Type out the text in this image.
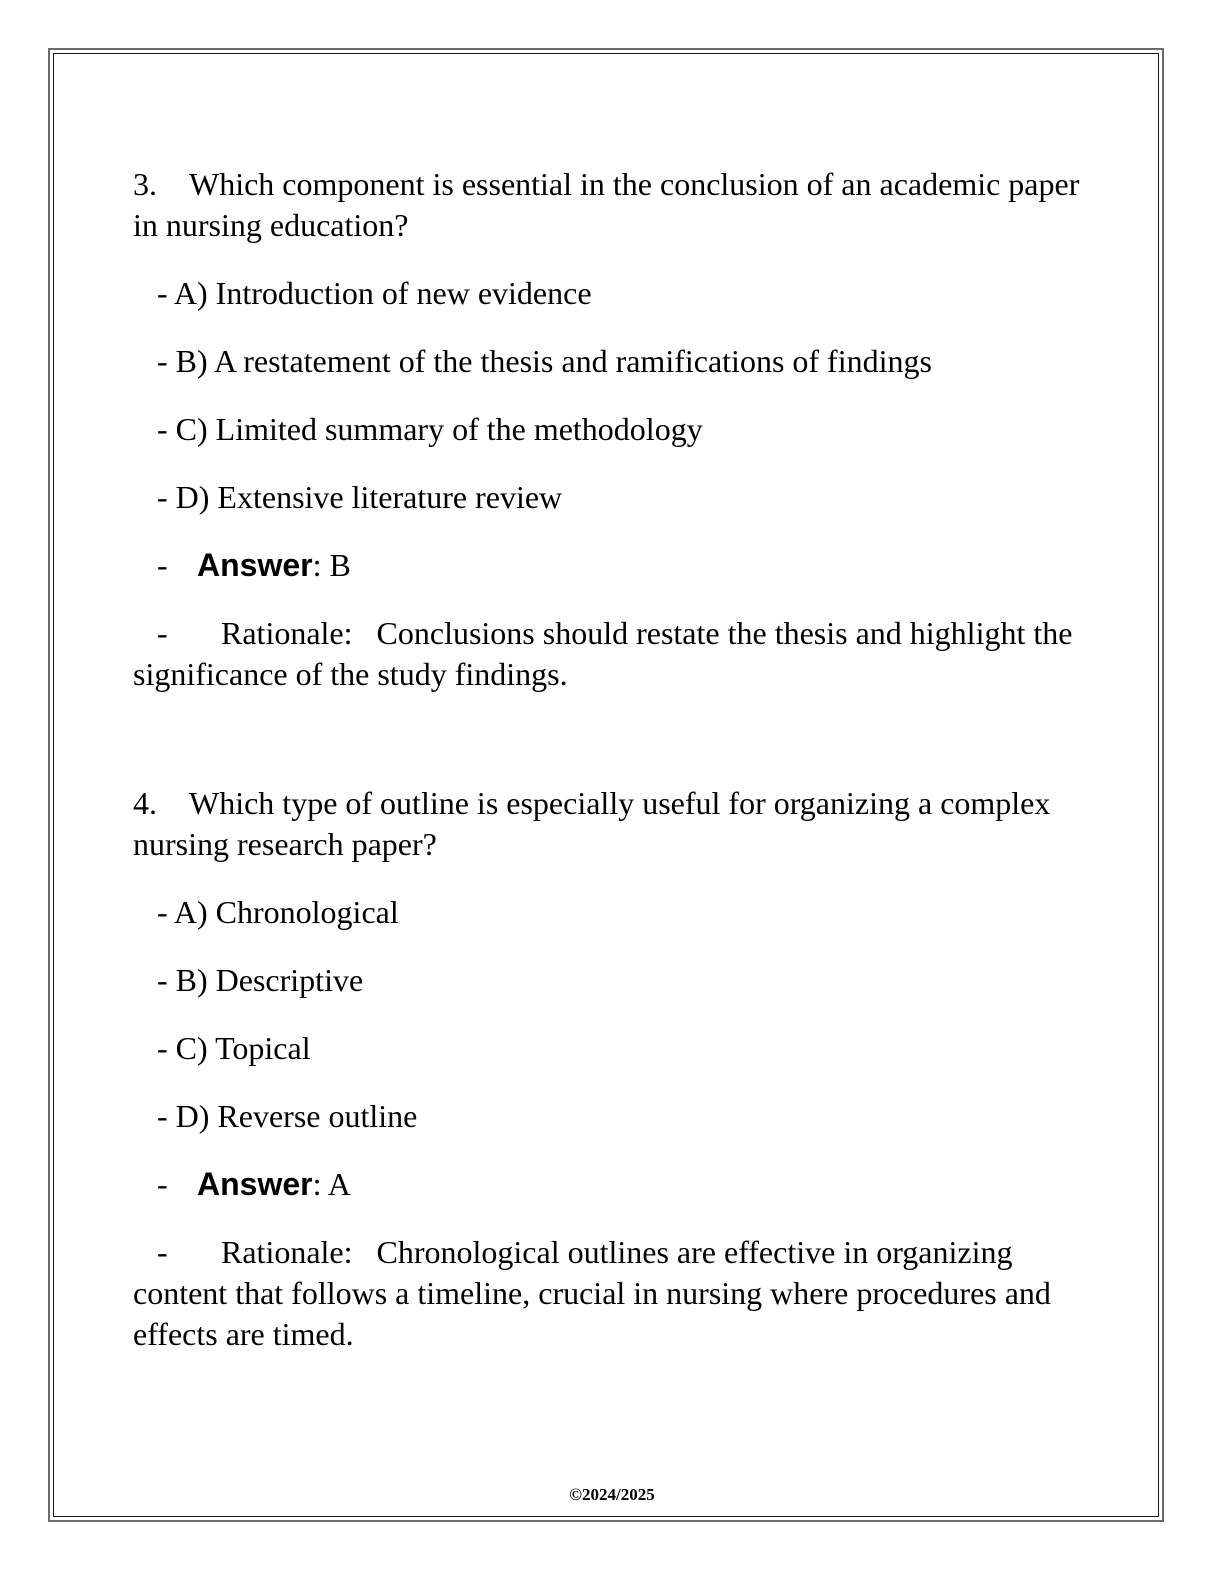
3. Which component is essential in the conclusion of an academic paper in nursing education?

- A) Introduction of new evidence
- B) A restatement of the thesis and ramifications of findings
- C) Limited summary of the methodology
- D) Extensive literature review
- Answer: B

- Rationale: Conclusions should restate the thesis and highlight the significance of the study findings.

4. Which type of outline is especially useful for organizing a complex nursing research paper?

- A) Chronological
- B) Descriptive
- C) Topical
- D) Reverse outline
- Answer: A

- Rationale: Chronological outlines are effective in organizing content that follows a timeline, crucial in nursing where procedures and effects are timed.

©2024/2025
